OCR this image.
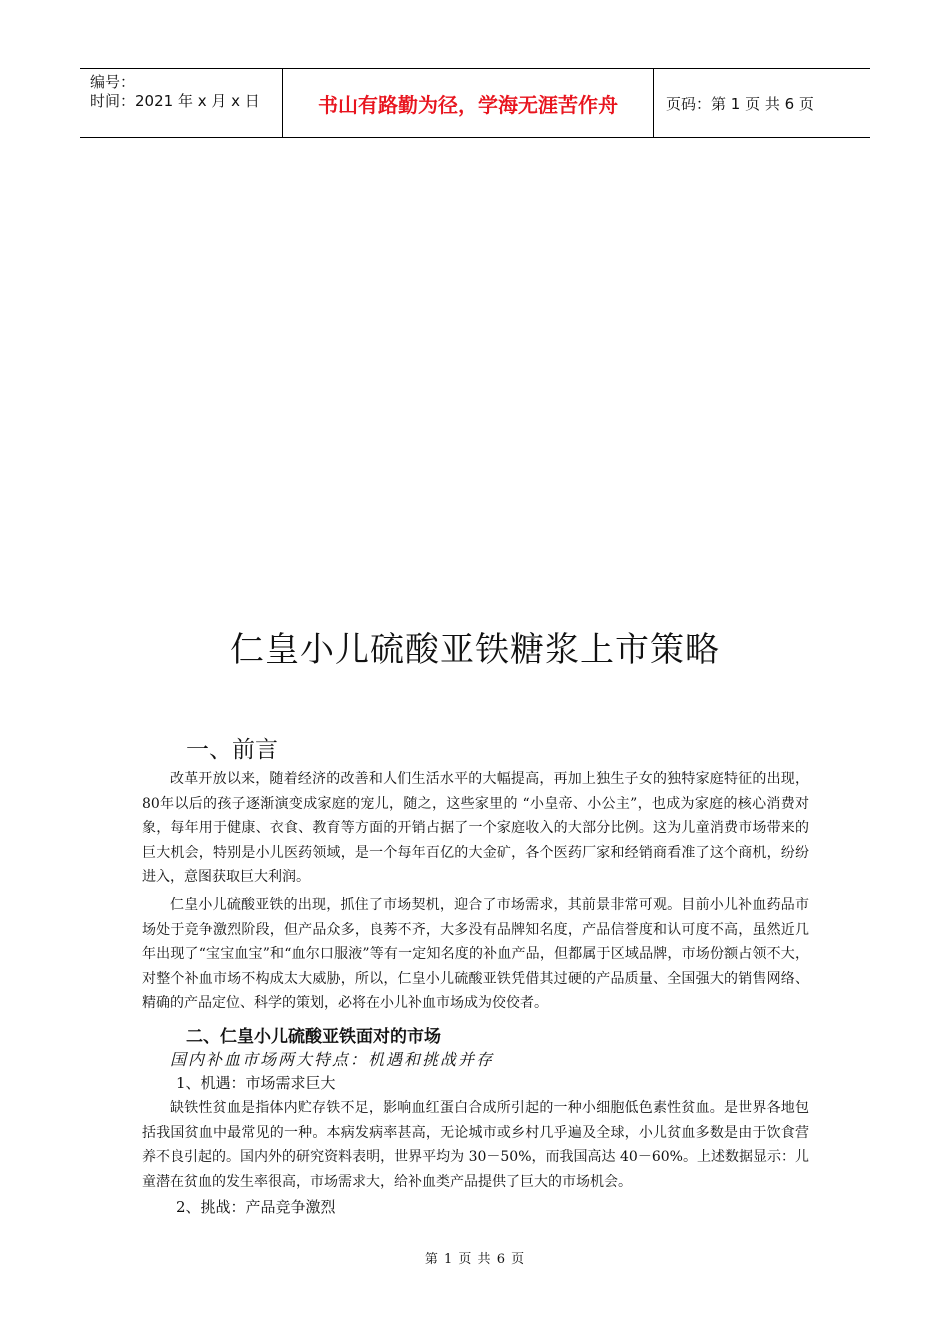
编号：
时间：2021 年 x 月 x 日	书山有路勤为径，学海无涯苦作舟	页码：第 1 页 共 6 页
仁皇小儿硫酸亚铁糖浆上市策略
一、前言

改革开放以来，随着经济的改善和人们生活水平的大幅提高，再加上独生子女的独特家庭特征的出现，80年以后的孩子逐渐演变成家庭的宠儿，随之，这些家里的 “小皇帝、小公主”，也成为家庭的核心消费对象，每年用于健康、衣食、教育等方面的开销占据了一个家庭收入的大部分比例。这为儿童消费市场带来的巨大机会，特别是小儿医药领域，是一个每年百亿的大金矿，各个医药厂家和经销商看准了这个商机，纷纷进入，意图获取巨大利润。

仁皇小儿硫酸亚铁的出现，抓住了市场契机，迎合了市场需求，其前景非常可观。目前小儿补血药品市场处于竞争激烈阶段，但产品众多，良莠不齐，大多没有品牌知名度，产品信誉度和认可度不高，虽然近几年出现了“宝宝血宝”和“血尔口服液”等有一定知名度的补血产品，但都属于区域品牌，市场份额占领不大，对整个补血市场不构成太大威胁，所以，仁皇小儿硫酸亚铁凭借其过硬的产品质量、全国强大的销售网络、精确的产品定位、科学的策划，必将在小儿补血市场成为佼佼者。

二、仁皇小儿硫酸亚铁面对的市场
国内补血市场两大特点：机遇和挑战并存
1、机遇：市场需求巨大

缺铁性贫血是指体内贮存铁不足，影响血红蛋白合成所引起的一种小细胞低色素性贫血。是世界各地包括我国贫血中最常见的一种。本病发病率甚高，无论城市或乡村几乎遍及全球，小儿贫血多数是由于饮食营养不良引起的。国内外的研究资料表明，世界平均为 30－50%，而我国高达 40－60%。上述数据显示：儿童潜在贫血的发生率很高，市场需求大，给补血类产品提供了巨大的市场机会。

2、挑战：产品竞争激烈
第 1 页 共 6 页
